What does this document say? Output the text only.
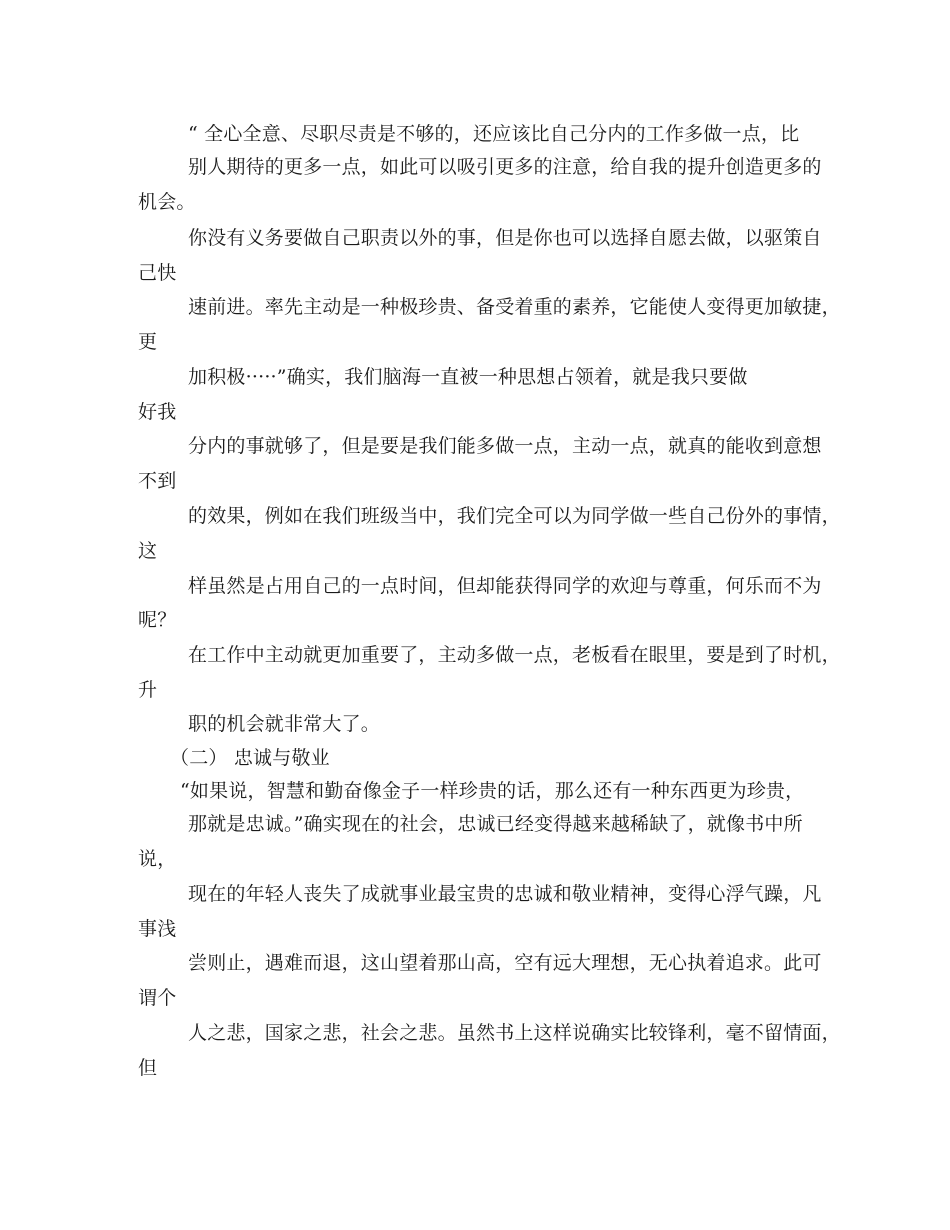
“ 全心全意、尽职尽责是不够的，还应该比自己分内的工作多做一点，比
别人期待的更多一点，如此可以吸引更多的注意，给自我的提升创造更多的
机会。
你没有义务要做自己职责以外的事，但是你也可以选择自愿去做，以驱策自
己快
速前进。率先主动是一种极珍贵、备受着重的素养，它能使人变得更加敏捷，
更
加积极·····”确实，我们脑海一直被一种思想占领着，就是我只要做
好我
分内的事就够了，但是要是我们能多做一点，主动一点，就真的能收到意想
不到
的效果，例如在我们班级当中，我们完全可以为同学做一些自己份外的事情，
这
样虽然是占用自己的一点时间，但却能获得同学的欢迎与尊重，何乐而不为
呢？
在工作中主动就更加重要了，主动多做一点，老板看在眼里，要是到了时机，
升
职的机会就非常大了。
（二） 忠诚与敬业
“如果说，智慧和勤奋像金子一样珍贵的话，那么还有一种东西更为珍贵，
那就是忠诚。”确实现在的社会，忠诚已经变得越来越稀缺了，就像书中所
说，
现在的年轻人丧失了成就事业最宝贵的忠诚和敬业精神，变得心浮气躁，凡
事浅
尝则止，遇难而退，这山望着那山高，空有远大理想，无心执着追求。此可
谓个
人之悲，国家之悲，社会之悲。虽然书上这样说确实比较锋利，毫不留情面，
但
